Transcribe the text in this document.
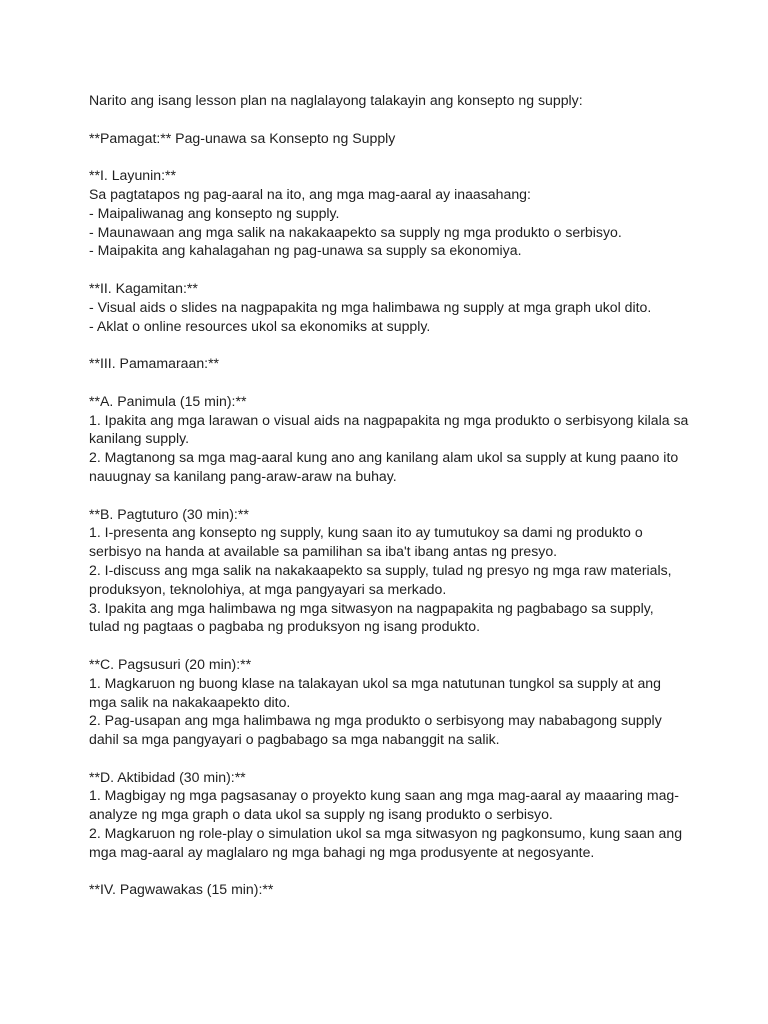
Narito ang isang lesson plan na naglalayong talakayin ang konsepto ng supply:
**Pamagat:** Pag-unawa sa Konsepto ng Supply
**I. Layunin:**
Sa pagtatapos ng pag-aaral na ito, ang mga mag-aaral ay inaasahang:
- Maipaliwanag ang konsepto ng supply.
- Maunawaan ang mga salik na nakakaapekto sa supply ng mga produkto o serbisyo.
- Maipakita ang kahalagahan ng pag-unawa sa supply sa ekonomiya.
**II. Kagamitan:**
- Visual aids o slides na nagpapakita ng mga halimbawa ng supply at mga graph ukol dito.
- Aklat o online resources ukol sa ekonomiks at supply.
**III. Pamamaraan:**
**A. Panimula (15 min):**
1. Ipakita ang mga larawan o visual aids na nagpapakita ng mga produkto o serbisyong kilala sa
kanilang supply.
2. Magtanong sa mga mag-aaral kung ano ang kanilang alam ukol sa supply at kung paano ito
nauugnay sa kanilang pang-araw-araw na buhay.
**B. Pagtuturo (30 min):**
1. I-presenta ang konsepto ng supply, kung saan ito ay tumutukoy sa dami ng produkto o
serbisyo na handa at available sa pamilihan sa iba't ibang antas ng presyo.
2. I-discuss ang mga salik na nakakaapekto sa supply, tulad ng presyo ng mga raw materials,
produksyon, teknolohiya, at mga pangyayari sa merkado.
3. Ipakita ang mga halimbawa ng mga sitwasyon na nagpapakita ng pagbabago sa supply,
tulad ng pagtaas o pagbaba ng produksyon ng isang produkto.
**C. Pagsusuri (20 min):**
1. Magkaruon ng buong klase na talakayan ukol sa mga natutunan tungkol sa supply at ang
mga salik na nakakaapekto dito.
2. Pag-usapan ang mga halimbawa ng mga produkto o serbisyong may nababagong supply
dahil sa mga pangyayari o pagbabago sa mga nabanggit na salik.
**D. Aktibidad (30 min):**
1. Magbigay ng mga pagsasanay o proyekto kung saan ang mga mag-aaral ay maaaring mag-
analyze ng mga graph o data ukol sa supply ng isang produkto o serbisyo.
2. Magkaruon ng role-play o simulation ukol sa mga sitwasyon ng pagkonsumo, kung saan ang
mga mag-aaral ay maglalaro ng mga bahagi ng mga produsyente at negosyante.
**IV. Pagwawakas (15 min):**
